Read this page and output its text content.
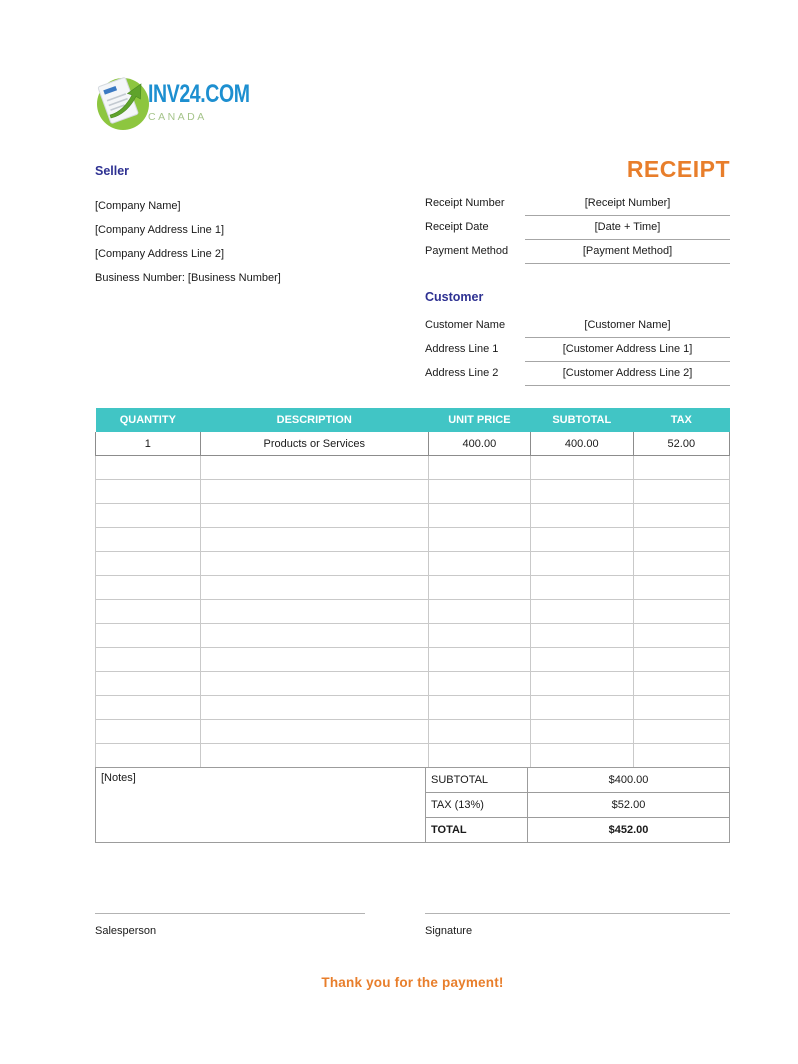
INV24.COM
CANADA
Seller
[Company Name]
[Company Address Line 1]
[Company Address Line 2]
Business Number: [Business Number]
RECEIPT
Receipt Number	[Receipt Number]
Receipt Date	[Date + Time]
Payment Method	[Payment Method]
Customer
Customer Name	[Customer Name]
Address Line 1	[Customer Address Line 1]
Address Line 2	[Customer Address Line 2]
QUANTITY	DESCRIPTION	UNIT PRICE	SUBTOTAL	TAX
1	Products or Services	400.00	400.00	52.00

[Notes]	SUBTOTAL	$400.00
TAX (13%)	$52.00
TOTAL	$452.00
Salesperson	Signature
Thank you for the payment!
